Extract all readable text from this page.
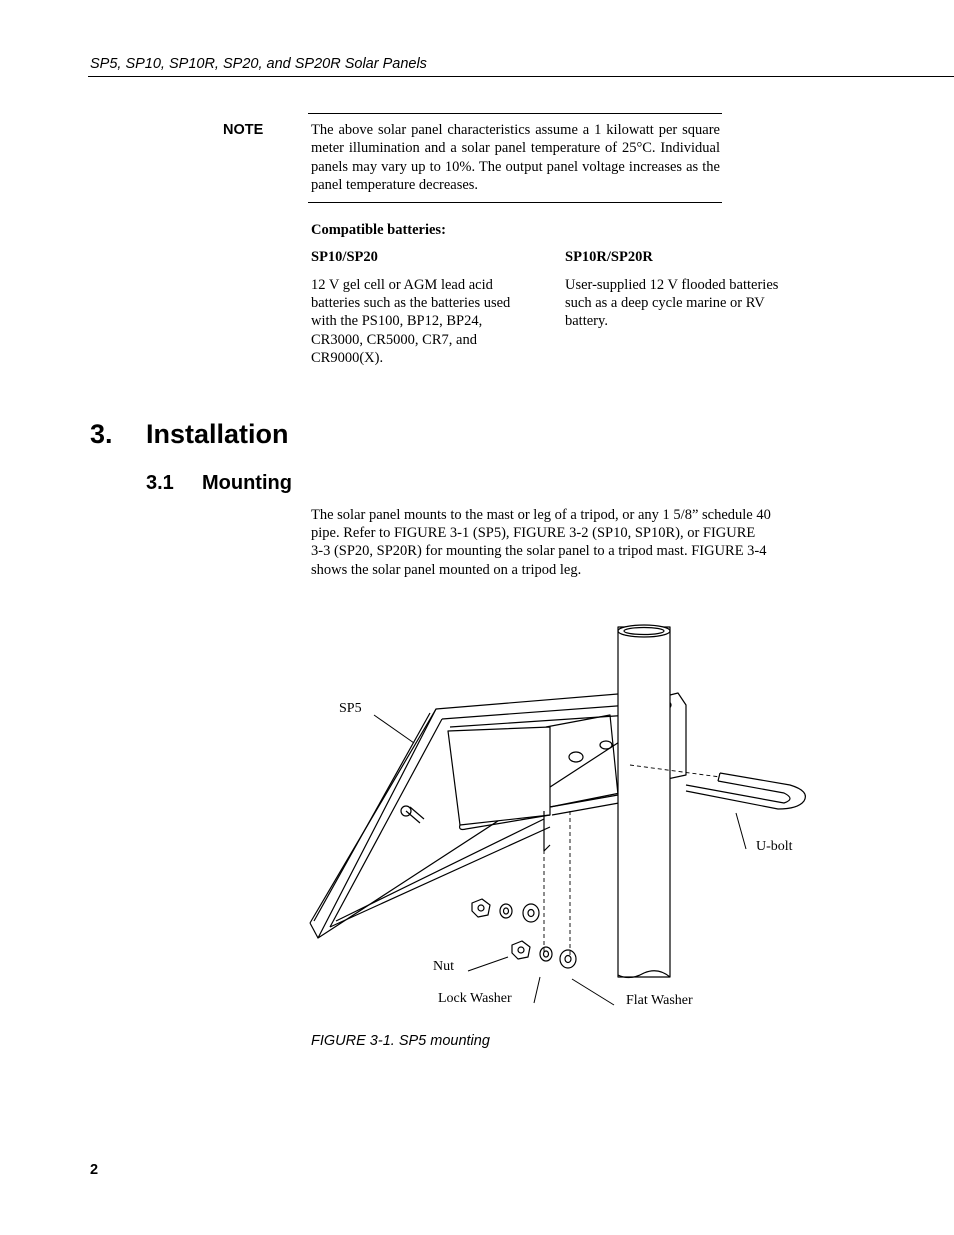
SP5, SP10, SP10R, SP20, and SP20R Solar Panels
NOTE	The above solar panel characteristics assume a 1 kilowatt per square meter illumination and a solar panel temperature of 25°C. Individual panels may vary up to 10%. The output panel voltage increases as the panel temperature decreases.

Compatible batteries:
SP10/SP20
12 V gel cell or AGM lead acid
batteries such as the batteries used
with the PS100, BP12, BP24,
CR3000, CR5000, CR7, and
CR9000(X).
SP10R/SP20R
User-supplied 12 V flooded batteries
such as a deep cycle marine or RV
battery.
3. Installation
3.1 Mounting
The solar panel mounts to the mast or leg of a tripod, or any 1 5/8” schedule 40
pipe. Refer to FIGURE 3-1 (SP5), FIGURE 3-2 (SP10, SP10R), or FIGURE
3-3 (SP20, SP20R) for mounting the solar panel to a tripod mast. FIGURE 3-4
shows the solar panel mounted on a tripod leg.
SP5
U-bolt
Nut
Lock Washer	Flat Washer
FIGURE 3-1. SP5 mounting
2
